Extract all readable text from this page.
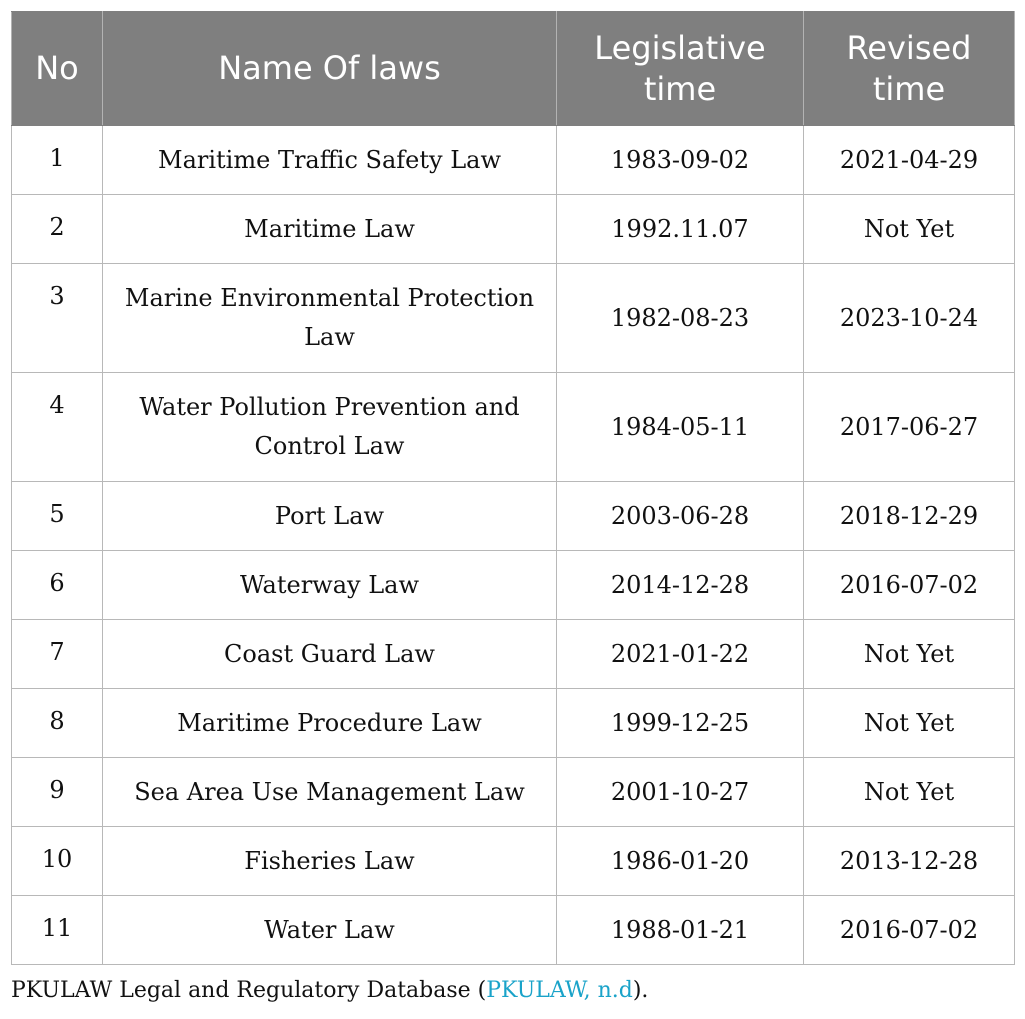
No	Name Of laws	Legislative time	Revised time
1	Maritime Traffic Safety Law	1983-09-02	2021-04-29
2	Maritime Law	1992.11.07	Not Yet
3	Marine Environmental Protection Law	1982-08-23	2023-10-24
4	Water Pollution Prevention and Control Law	1984-05-11	2017-06-27
5	Port Law	2003-06-28	2018-12-29
6	Waterway Law	2014-12-28	2016-07-02
7	Coast Guard Law	2021-01-22	Not Yet
8	Maritime Procedure Law	1999-12-25	Not Yet
9	Sea Area Use Management Law	2001-10-27	Not Yet
10	Fisheries Law	1986-01-20	2013-12-28
11	Water Law	1988-01-21	2016-07-02
PKULAW Legal and Regulatory Database (PKULAW, n.d).
